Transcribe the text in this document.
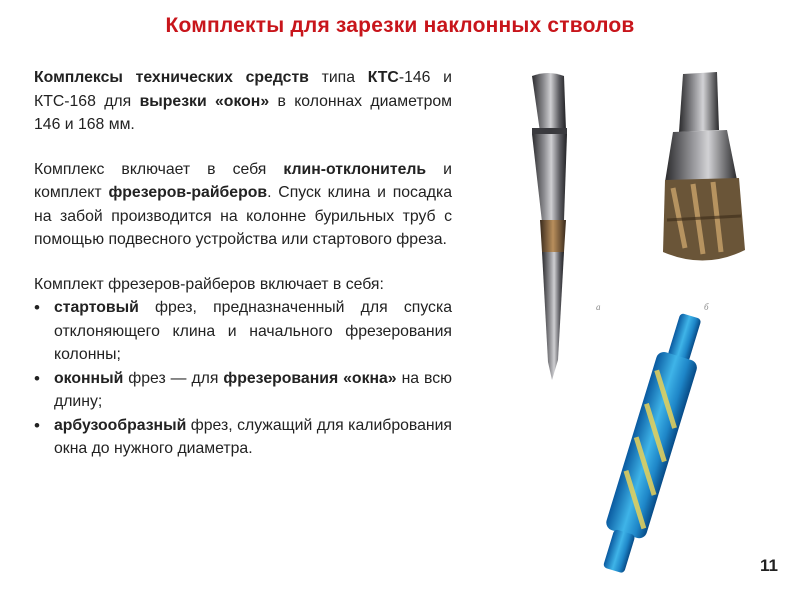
Комплекты для зарезки наклонных стволов

Комплексы технических средств типа КТС-146 и КТС-168 для вырезки «окон» в колоннах диаметром 146 и 168 мм.

Комплекс включает в себя клин-отклонитель и комплект фрезеров-райберов. Спуск клина и посадка на забой производится на колонне бурильных труб с помощью подвесного устройства или стартового фреза.

Комплект фрезеров-райберов включает в себя:

• стартовый фрез, предназначенный для спуска отклоняющего клина и начального фрезерования колонны;
• оконный фрез — для фрезерования «окна» на всю длину;
• арбузообразный фрез, служащий для калибрования окна до нужного диаметра.
а	б
11
